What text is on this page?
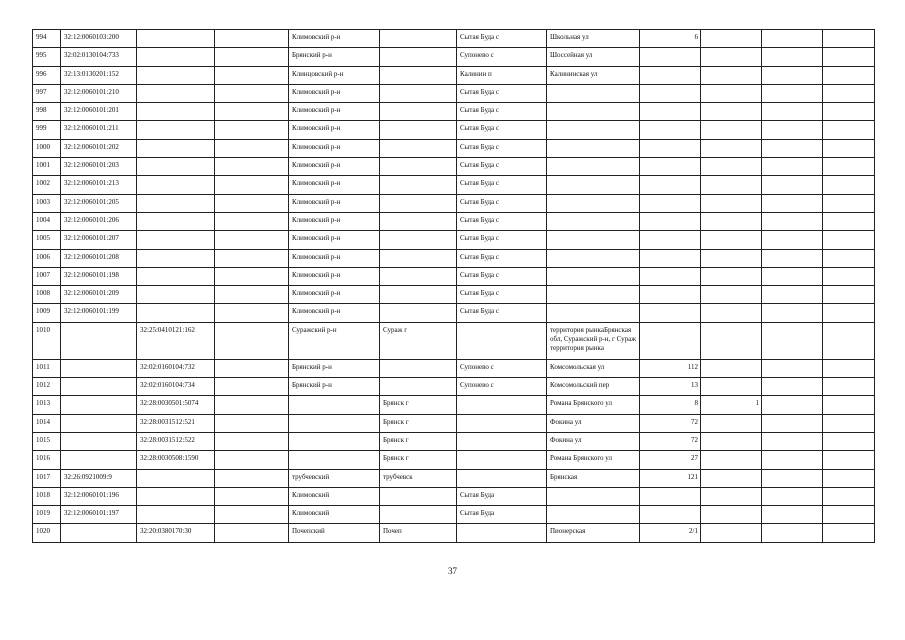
994	32:12:0060103:200			Климовский р-н		Сытая Буда с	Школьная ул	6			
995	32:02:0130104:733			Брянский р-н		Супонево с	Шоссейная ул				
996	32:13:0130201:152			Клинцовский р-н		Калинин п	Калининская ул				
997	32:12:0060101:210			Климовский р-н		Сытая Буда с					
998	32:12:0060101:201			Климовский р-н		Сытая Буда с					
999	32:12:0060101:211			Климовский р-н		Сытая Буда с					
1000	32:12:0060101:202			Климовский р-н		Сытая Буда с					
1001	32:12:0060101:203			Климовский р-н		Сытая Буда с					
1002	32:12:0060101:213			Климовский р-н		Сытая Буда с					
1003	32:12:0060101:205			Климовский р-н		Сытая Буда с					
1004	32:12:0060101:206			Климовский р-н		Сытая Буда с					
1005	32:12:0060101:207			Климовский р-н		Сытая Буда с					
1006	32:12:0060101:208			Климовский р-н		Сытая Буда с					
1007	32:12:0060101:198			Климовский р-н		Сытая Буда с					
1008	32:12:0060101:209			Климовский р-н		Сытая Буда с					
1009	32:12:0060101:199			Климовский р-н		Сытая Буда с					
1010		32:25:0410121:162		Суражский р-н	Сураж г		территория рынкаБрянская обл, Суражский р-н, г Сураж территория рынка				
1011		32:02:0160104:732		Брянский р-н		Супонево с	Комсомольская ул	112			
1012		32:02:0160104:734		Брянский р-н		Супонево с	Комсомольский пер	13			
1013		32:28:0030501:5074			Брянск г		Романа Брянского ул	8	1		
1014		32:28:0031512:521			Брянск г		Фокина ул	72			
1015		32:28:0031512:522			Брянск г		Фокина ул	72			
1016		32:28:0030508:1590			Брянск г		Романа Брянского ул	27			
1017	32:26:0921009:9			трубчевский	трубчевск		Брянская	121			
1018	32:12:0060101:196			Климовский		Сытая Буда					
1019	32:12:0060101:197			Климовский		Сытая Буда					
1020		32:20:0380170:30		Почепский	Почеп		Пионерская	2/1			
37
